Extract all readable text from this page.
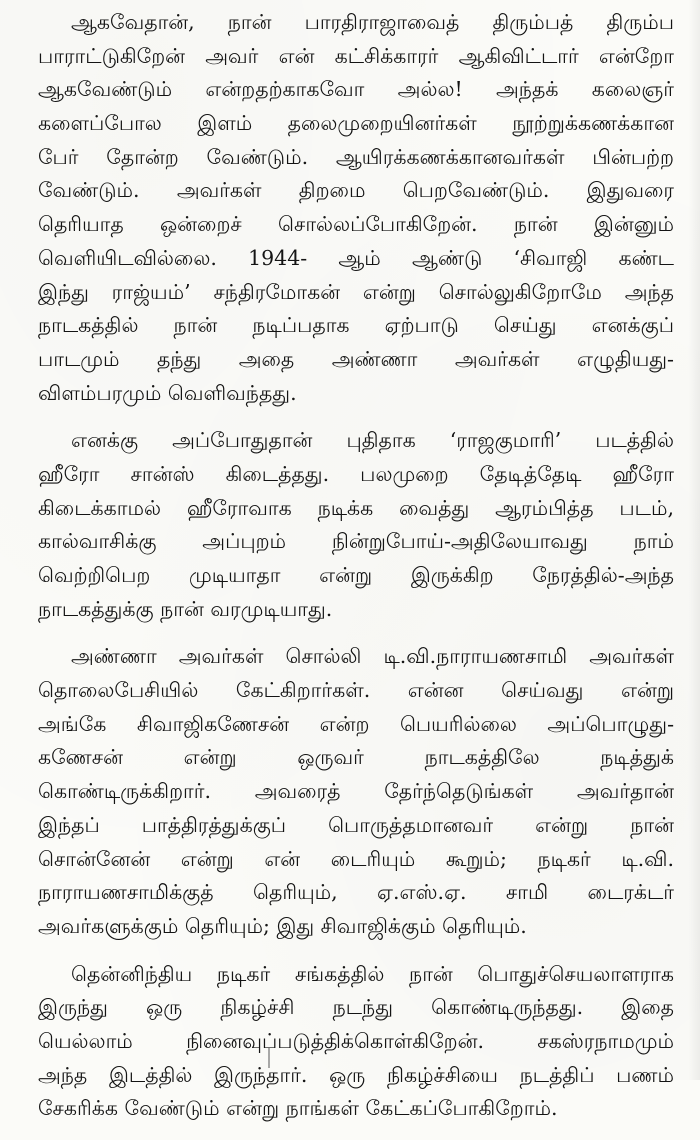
ஆகவேதான், நான் பாரதிராஜாவைத் திரும்பத் திரும்ப
பாராட்டுகிறேன் அவர் என் கட்சிக்காரர் ஆகிவிட்டார் என்றோ
ஆகவேண்டும் என்றதற்காகவோ அல்ல! அந்தக் கலைஞர்
களைப்போல இளம் தலைமுறையினர்கள் நூற்றுக்கணக்கான
பேர் தோன்ற வேண்டும். ஆயிரக்கணக்கானவர்கள் பின்பற்ற
வேண்டும். அவர்கள் திறமை பெறவேண்டும். இதுவரை
தெரியாத ஒன்றைச் சொல்லப்போகிறேன். நான் இன்னும்
வெளியிடவில்லை. 1944- ஆம் ஆண்டு ‘சிவாஜி கண்ட
இந்து ராஜ்யம்’ சந்திரமோகன் என்று சொல்லுகிறோமே அந்த
நாடகத்தில் நான் நடிப்பதாக ஏற்பாடு செய்து எனக்குப்
பாடமும் தந்து அதை அண்ணா அவர்கள் எழுதியது-
விளம்பரமும் வெளிவந்தது.
எனக்கு அப்போதுதான் புதிதாக ‘ராஜகுமாரி’ படத்தில்
ஹீரோ சான்ஸ் கிடைத்தது. பலமுறை தேடித்தேடி ஹீரோ
கிடைக்காமல் ஹீரோவாக நடிக்க வைத்து ஆரம்பித்த படம்,
கால்வாசிக்கு அப்புறம் நின்றுபோய்-அதிலேயாவது நாம்
வெற்றிபெற முடியாதா என்று இருக்கிற நேரத்தில்-அந்த
நாடகத்துக்கு நான் வரமுடியாது.
அண்ணா அவர்கள் சொல்லி டி.வி.நாராயணசாமி அவர்கள்
தொலைபேசியில் கேட்கிறார்கள். என்ன செய்வது என்று
அங்கே சிவாஜிகணேசன் என்ற பெயரில்லை அப்பொழுது-
கணேசன் என்று ஒருவர் நாடகத்திலே நடித்துக்
கொண்டிருக்கிறார். அவரைத் தேர்ந்தெடுங்கள் அவர்தான்
இந்தப் பாத்திரத்துக்குப் பொருத்தமானவர் என்று நான்
சொன்னேன் என்று என் டைரியும் கூறும்; நடிகர் டி.வி.
நாராயணசாமிக்குத் தெரியும், ஏ.எஸ்.ஏ. சாமி டைரக்டர்
அவர்களுக்கும் தெரியும்; இது சிவாஜிக்கும் தெரியும்.
தென்னிந்திய நடிகர் சங்கத்தில் நான் பொதுச்செயலாளராக
இருந்து ஒரு நிகழ்ச்சி நடந்து கொண்டிருந்தது. இதை
யெல்லாம் நினைவுப்படுத்திக்கொள்கிறேன். சகஸ்ரநாமமும்
அந்த இடத்தில் இருந்தார். ஒரு நிகழ்ச்சியை நடத்திப் பணம்
சேகரிக்க வேண்டும் என்று நாங்கள் கேட்கப்போகிறோம்.
